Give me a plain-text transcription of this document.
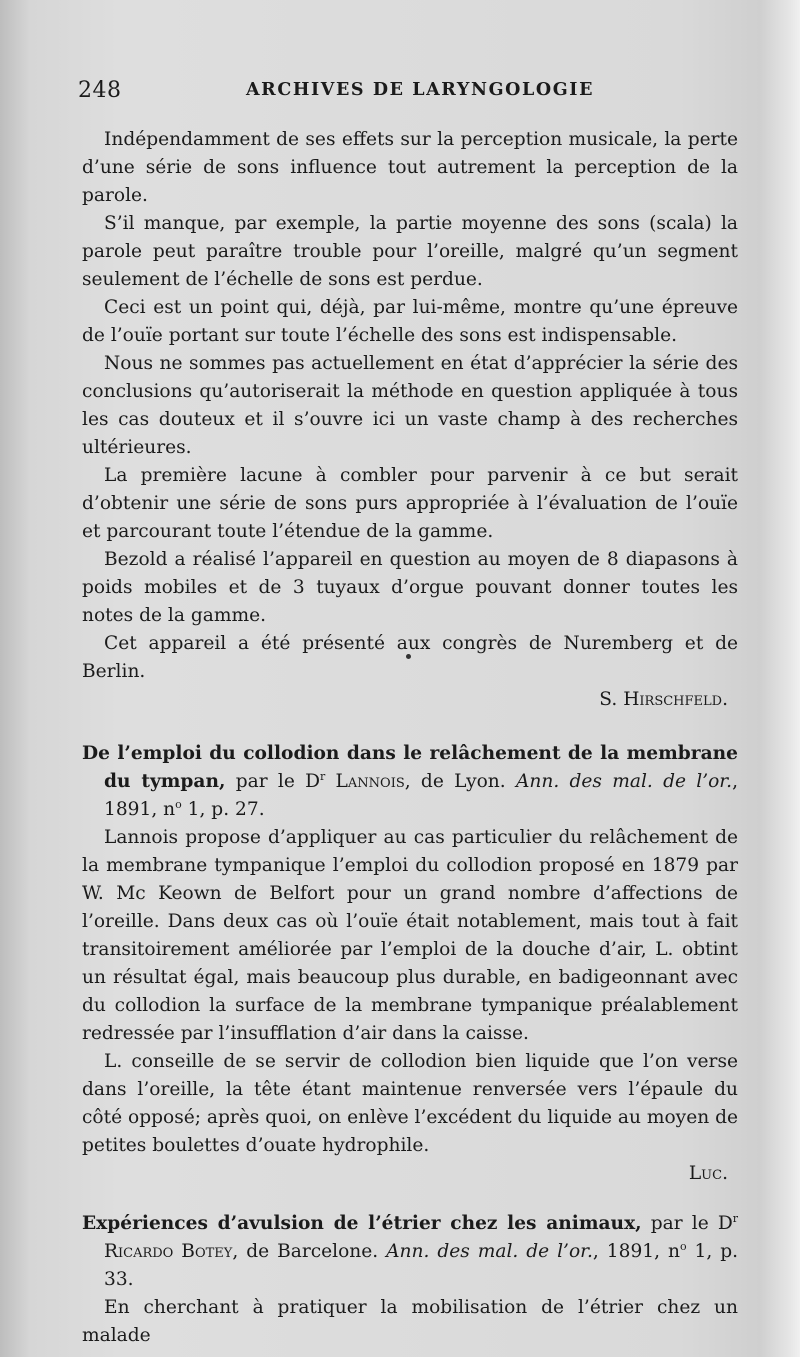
248	ARCHIVES DE LARYNGOLOGIE

Indépendamment de ses effets sur la perception musicale, la perte d’une série de sons influence tout autrement la perception de la parole.

S’il manque, par exemple, la partie moyenne des sons (scala) la parole peut paraître trouble pour l’oreille, malgré qu’un segment seulement de l’échelle de sons est perdue.

Ceci est un point qui, déjà, par lui-même, montre qu’une épreuve de l’ouïe portant sur toute l’échelle des sons est indispensable.

Nous ne sommes pas actuellement en état d’apprécier la série des conclusions qu’autoriserait la méthode en question appliquée à tous les cas douteux et il s’ouvre ici un vaste champ à des recherches ultérieures.

La première lacune à combler pour parvenir à ce but serait d’obtenir une série de sons purs appropriée à l’évaluation de l’ouïe et parcourant toute l’étendue de la gamme.

Bezold a réalisé l’appareil en question au moyen de 8 diapasons à poids mobiles et de 3 tuyaux d’orgue pouvant donner toutes les notes de la gamme.

Cet appareil a été présenté aux congrès de Nuremberg et de Berlin.

S. Hirschfeld.

De l’emploi du collodion dans le relâchement de la membrane du tympan, par le $D^r$ Lannois, de Lyon. Ann. des mal. de l’or., 1891, $n^o$ 1, p. 27.

Lannois propose d’appliquer au cas particulier du relâchement de la membrane tympanique l’emploi du collodion proposé en 1879 par W. Mc Keown de Belfort pour un grand nombre d’affections de l’oreille. Dans deux cas où l’ouïe était notablement, mais tout à fait transitoirement améliorée par l’emploi de la douche d’air, L. obtint un résultat égal, mais beaucoup plus durable, en badigeonnant avec du collodion la surface de la membrane tympanique préalablement redressée par l’insufflation d’air dans la caisse.

L. conseille de se servir de collodion bien liquide que l’on verse dans l’oreille, la tête étant maintenue renversée vers l’épaule du côté opposé; après quoi, on enlève l’excédent du liquide au moyen de petites boulettes d’ouate hydrophile.

Luc.

Expériences d’avulsion de l’étrier chez les animaux, par le $D^r$ Ricardo Botey, de Barcelone. Ann. des mal. de l’or., 1891, $n^o$ 1, p. 33.

En cherchant à pratiquer la mobilisation de l’étrier chez un malade
